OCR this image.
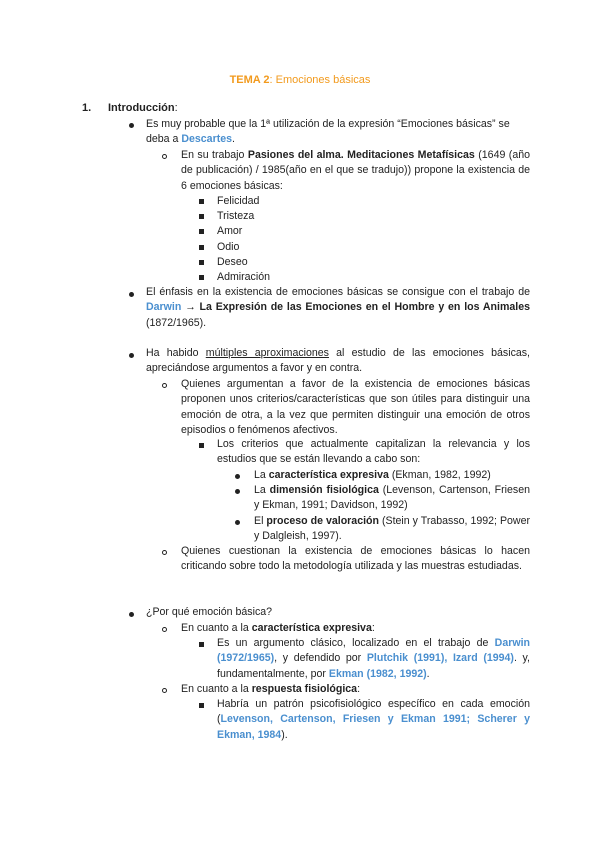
TEMA 2: Emociones básicas
1. Introducción:
Es muy probable que la 1ª utilización de la expresión “Emociones básicas” se deba a Descartes.
En su trabajo Pasiones del alma. Meditaciones Metafísicas (1649 (año de publicación) / 1985(año en el que se tradujo)) propone la existencia de 6 emociones básicas:
Felicidad
Tristeza
Amor
Odio
Deseo
Admiración
El énfasis en la existencia de emociones básicas se consigue con el trabajo de Darwin → La Expresión de las Emociones en el Hombre y en los Animales (1872/1965).
Ha habido múltiples aproximaciones al estudio de las emociones básicas, apreciándose argumentos a favor y en contra.
Quienes argumentan a favor de la existencia de emociones básicas proponen unos criterios/características que son útiles para distinguir una emoción de otra, a la vez que permiten distinguir una emoción de otros episodios o fenómenos afectivos.
Los criterios que actualmente capitalizan la relevancia y los estudios que se están llevando a cabo son:
La característica expresiva (Ekman, 1982, 1992)
La dimensión fisiológica (Levenson, Cartenson, Friesen y Ekman, 1991; Davidson, 1992)
El proceso de valoración (Stein y Trabasso, 1992; Power y Dalgleish, 1997).
Quienes cuestionan la existencia de emociones básicas lo hacen criticando sobre todo la metodología utilizada y las muestras estudiadas.
¿Por qué emoción básica?
En cuanto a la característica expresiva:
Es un argumento clásico, localizado en el trabajo de Darwin (1972/1965), y defendido por Plutchik (1991), Izard (1994). y, fundamentalmente, por Ekman (1982, 1992).
En cuanto a la respuesta fisiológica:
Habría un patrón psicofisiológico específico en cada emoción (Levenson, Cartenson, Friesen y Ekman 1991; Scherer y Ekman, 1984).
